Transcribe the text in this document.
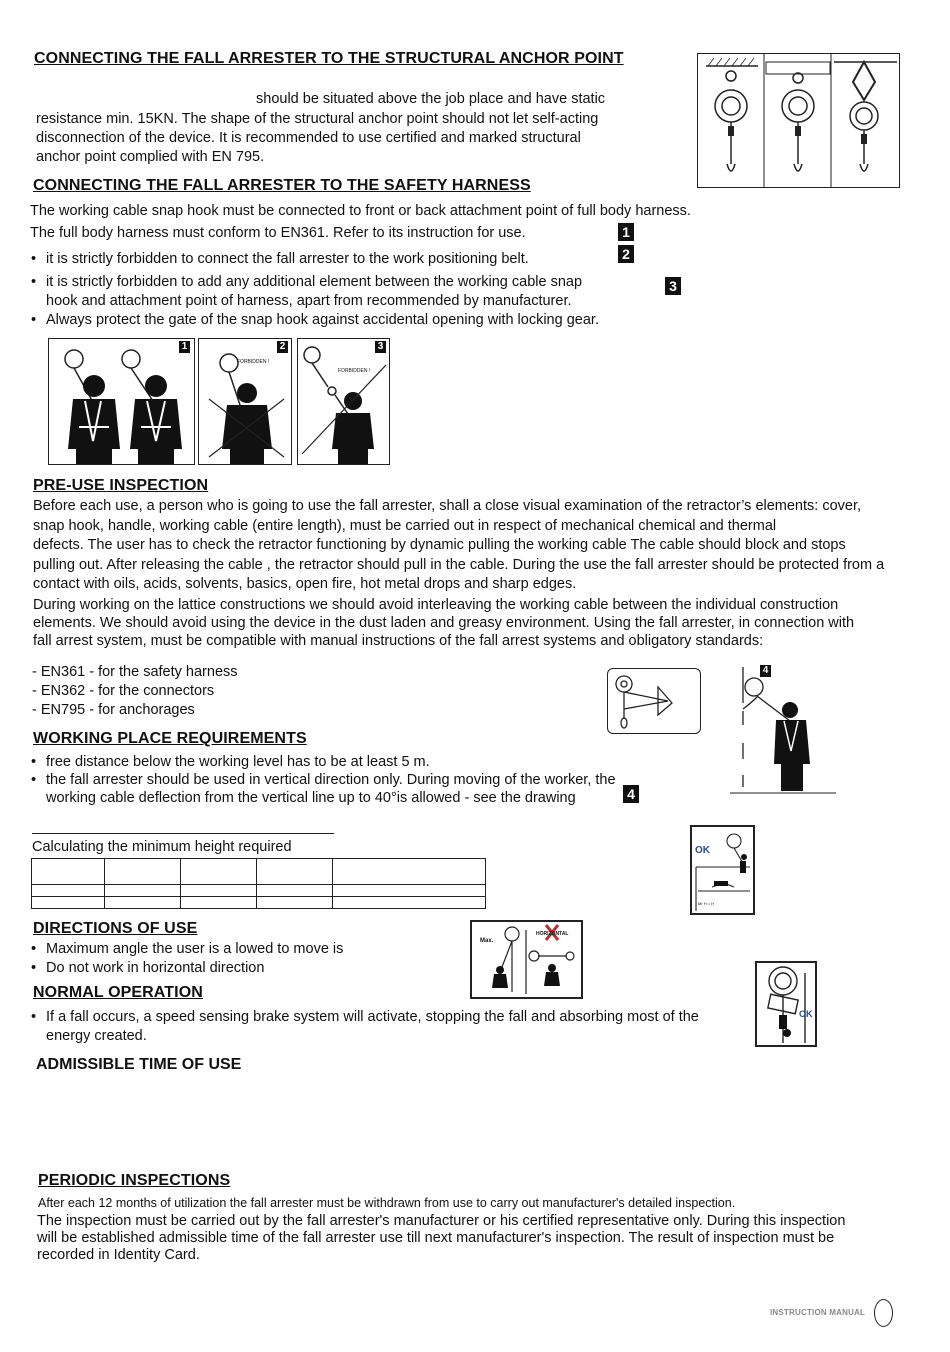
CONNECTING THE FALL ARRESTER TO THE STRUCTURAL ANCHOR POINT
should be situated above the job place and have static
resistance min. 15KN. The shape of the structural anchor point should not let self-acting
disconnection of the device. It is recommended to use certified and marked structural
anchor point complied with EN 795.
CONNECTING THE FALL ARRESTER TO THE SAFETY HARNESS
The working cable snap hook must be connected to front or back attachment point of full body harness.
The full body harness must conform to EN361. Refer to its instruction for use.	1
2
• it is strictly forbidden to connect the fall arrester to the work positioning belt.
• it is strictly forbidden to add any additional element between the working cable snap
hook and attachment point of harness, apart from recommended by manufacturer.
3
• Always protect the gate of the snap hook against accidental opening with locking gear.
1	2
FORBIDDEN !
3
FORBIDDEN !
PRE-USE INSPECTION
Before each use, a person who is going to use the fall arrester, shall a close visual examination of the retractor’s elements: cover,
snap hook, handle, working cable (entire length), must be carried out in respect of mechanical chemical and thermal
defects. The user has to check the retractor functioning by dynamic pulling the working cable The cable should block and stops
pulling out. After releasing the cable , the retractor should pull in the cable. During the use the fall arrester should be protected from a
contact with oils, acids, solvents, basics, open fire, hot metal drops and sharp edges.
During working on the lattice constructions we should avoid interleaving the working cable between the individual construction
elements. We should avoid using the device in the dust laden and greasy environment. Using the fall arrester, in connection with
fall arrest system, must be compatible with manual instructions of the fall arrest systems and obligatory standards:
- EN361 - for the safety harness
- EN362 - for the connectors
- EN795 - for anchorages
4
WORKING PLACE REQUIREMENTS
• free distance below the working level has to be at least 5 m.
• the fall arrester should be used in vertical direction only. During moving of the worker, the
working cable deflection from the vertical line up to 40°is allowed - see the drawing	4
Calculating the minimum height required

					OK
Mr H = H
DIRECTIONS OF USE
• Maximum angle the user is a lowed to move is
• Do not work in horizontal direction
Max.
HORIZONTAL
NORMAL OPERATION
• If a fall occurs, a speed sensing brake system will activate, stopping the fall and absorbing most of the
energy created.
OK
ADMISSIBLE TIME OF USE
PERIODIC INSPECTIONS
After each 12 months of utilization the fall arrester must be withdrawn from use to carry out manufacturer's detailed inspection.
The inspection must be carried out by the fall arrester's manufacturer or his certified representative only. During this inspection
will be established admissible time of the fall arrester use till next manufacturer's inspection. The result of inspection must be
recorded in Identity Card.
INSTRUCTION MANUAL
